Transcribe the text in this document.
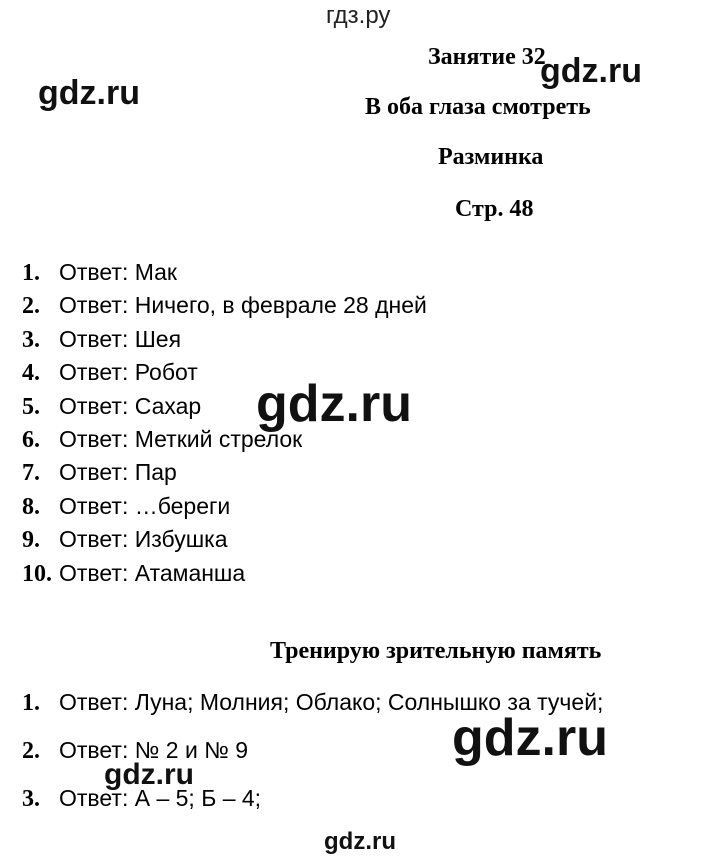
гдз.ру
gdz.ru
gdz.ru
Занятие 32
В оба глаза смотреть
Разминка
Стр. 48
1. Ответ: Мак
2. Ответ: Ничего, в феврале 28 дней
3. Ответ: Шея
4. Ответ: Робот
5. Ответ: Сахар
6. Ответ: Меткий стрелок
7. Ответ: Пар
8. Ответ: …береги
9. Ответ: Избушка
10. Ответ: Атаманша
gdz.ru
Тренирую зрительную память
1. Ответ: Луна; Молния; Облако; Солнышко за тучей;
2. Ответ: № 2 и № 9
3. Ответ: А – 5; Б – 4;
gdz.ru
gdz.ru
gdz.ru
